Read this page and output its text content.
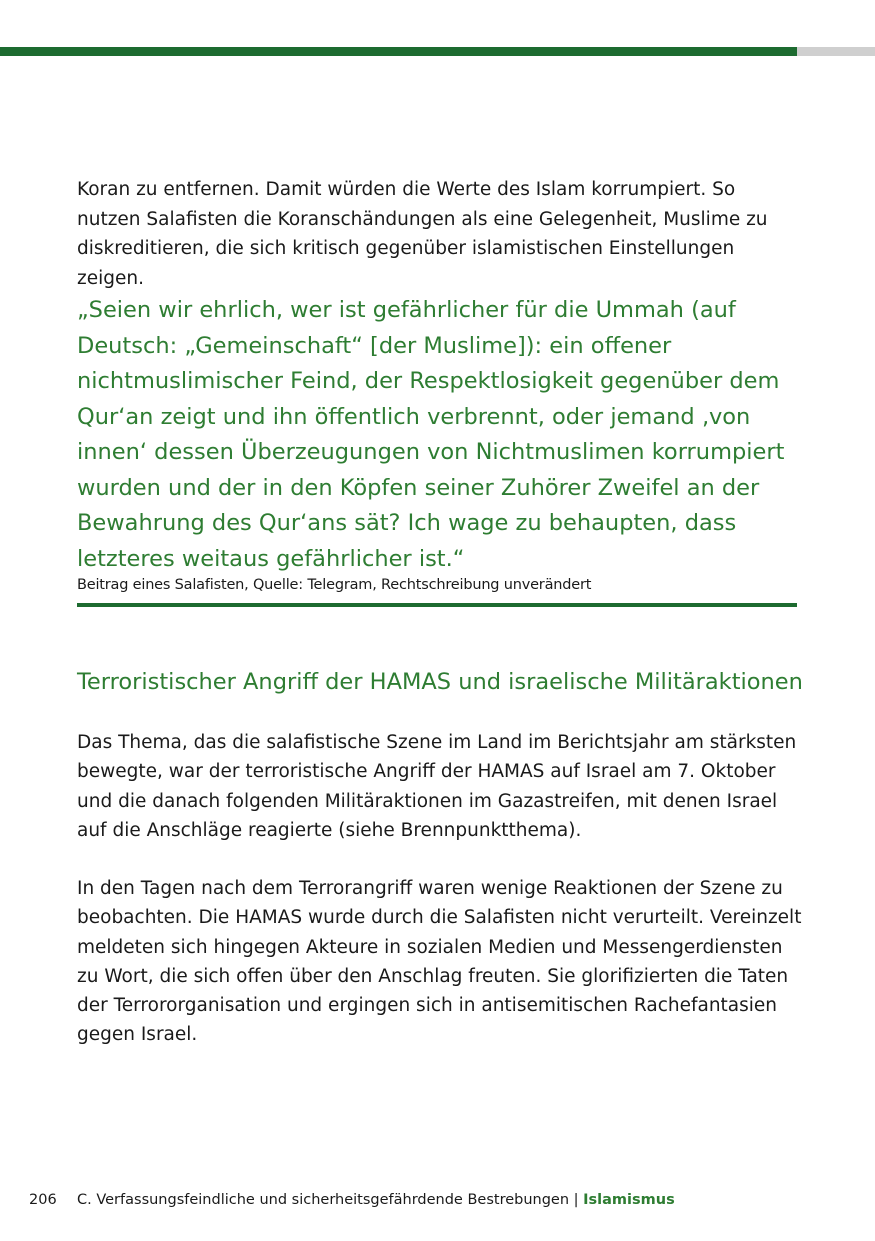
Koran zu entfernen. Damit würden die Werte des Islam korrumpiert. So nutzen Salafisten die Koranschändungen als eine Gelegenheit, Muslime zu diskreditieren, die sich kritisch gegenüber islamistischen Einstellungen zeigen.

„Seien wir ehrlich, wer ist gefährlicher für die Ummah (auf Deutsch: „Gemeinschaft“ [der Muslime]): ein offener nichtmuslimischer Feind, der Respektlosigkeit gegenüber dem Qur‘an zeigt und ihn öffentlich verbrennt, oder jemand ‚von innen‘ dessen Überzeugungen von Nichtmuslimen korrumpiert wurden und der in den Köpfen seiner Zuhörer Zweifel an der Bewahrung des Qur‘ans sät? Ich wage zu behaupten, dass letzteres weitaus gefährlicher ist.“
Beitrag eines Salafisten, Quelle: Telegram, Rechtschreibung unverändert
Terroristischer Angriff der HAMAS und israelische Militäraktionen

Das Thema, das die salafistische Szene im Land im Berichtsjahr am stärksten bewegte, war der terroristische Angriff der HAMAS auf Israel am 7. Oktober und die danach folgenden Militäraktionen im Gazastreifen, mit denen Israel auf die Anschläge reagierte (siehe Brennpunktthema).

In den Tagen nach dem Terrorangriff waren wenige Reaktionen der Szene zu beobachten. Die HAMAS wurde durch die Salafisten nicht verurteilt. Vereinzelt meldeten sich hingegen Akteure in sozialen Medien und Messengerdiensten zu Wort, die sich offen über den Anschlag freuten. Sie glorifizierten die Taten der Terrororganisation und ergingen sich in antisemitischen Rachefantasien gegen Israel.

206 C. Verfassungsfeindliche und sicherheitsgefährdende Bestrebungen | Islamismus
